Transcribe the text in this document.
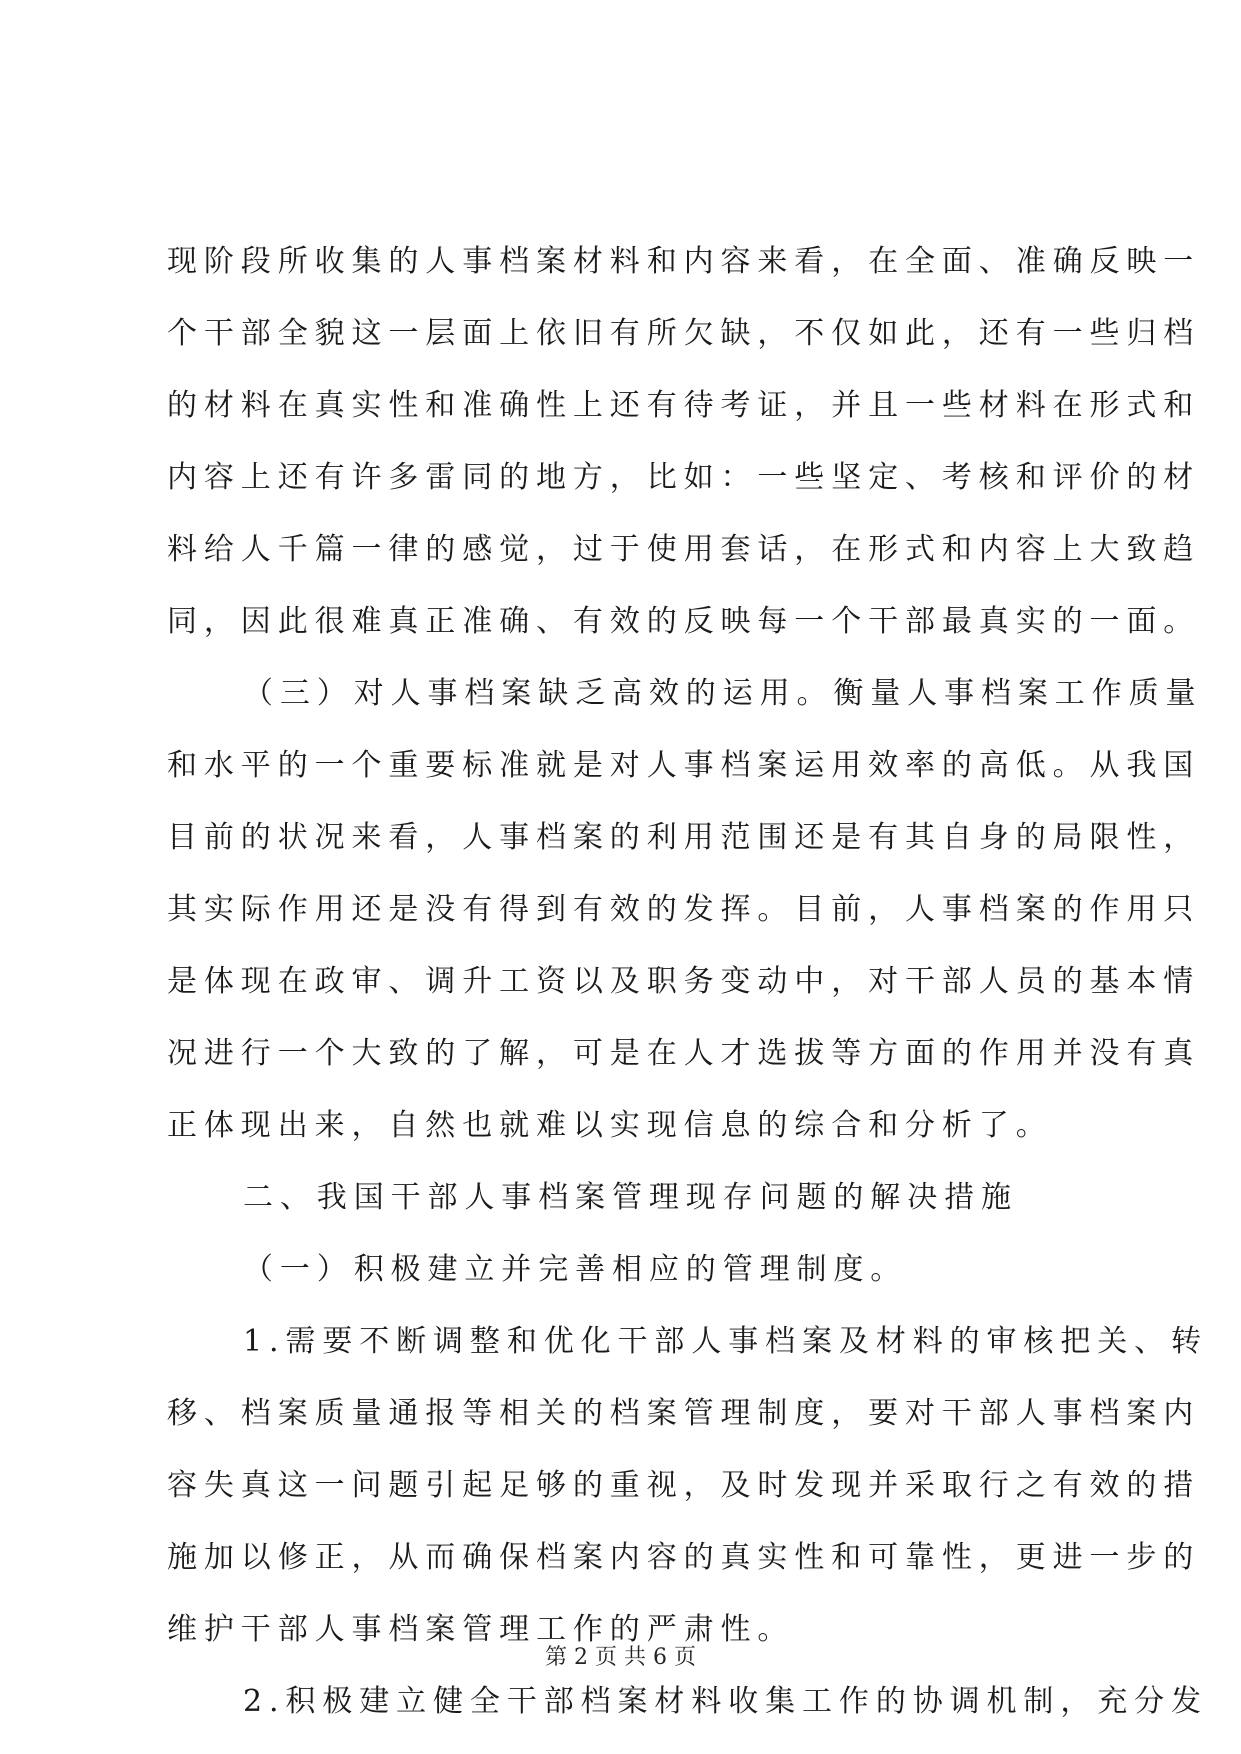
现阶段所收集的人事档案材料和内容来看，在全面、准确反映一
个干部全貌这一层面上依旧有所欠缺，不仅如此，还有一些归档
的材料在真实性和准确性上还有待考证，并且一些材料在形式和
内容上还有许多雷同的地方，比如：一些坚定、考核和评价的材
料给人千篇一律的感觉，过于使用套话，在形式和内容上大致趋
同，因此很难真正准确、有效的反映每一个干部最真实的一面。
（三）对人事档案缺乏高效的运用。衡量人事档案工作质量
和水平的一个重要标准就是对人事档案运用效率的高低。从我国
目前的状况来看，人事档案的利用范围还是有其自身的局限性，
其实际作用还是没有得到有效的发挥。目前，人事档案的作用只
是体现在政审、调升工资以及职务变动中，对干部人员的基本情
况进行一个大致的了解，可是在人才选拔等方面的作用并没有真
正体现出来，自然也就难以实现信息的综合和分析了。
二、我国干部人事档案管理现存问题的解决措施
（一）积极建立并完善相应的管理制度。
1.需要不断调整和优化干部人事档案及材料的审核把关、转
移、档案质量通报等相关的档案管理制度，要对干部人事档案内
容失真这一问题引起足够的重视，及时发现并采取行之有效的措
施加以修正，从而确保档案内容的真实性和可靠性，更进一步的
维护干部人事档案管理工作的严肃性。
2.积极建立健全干部档案材料收集工作的协调机制，充分发
第 2 页 共 6 页
